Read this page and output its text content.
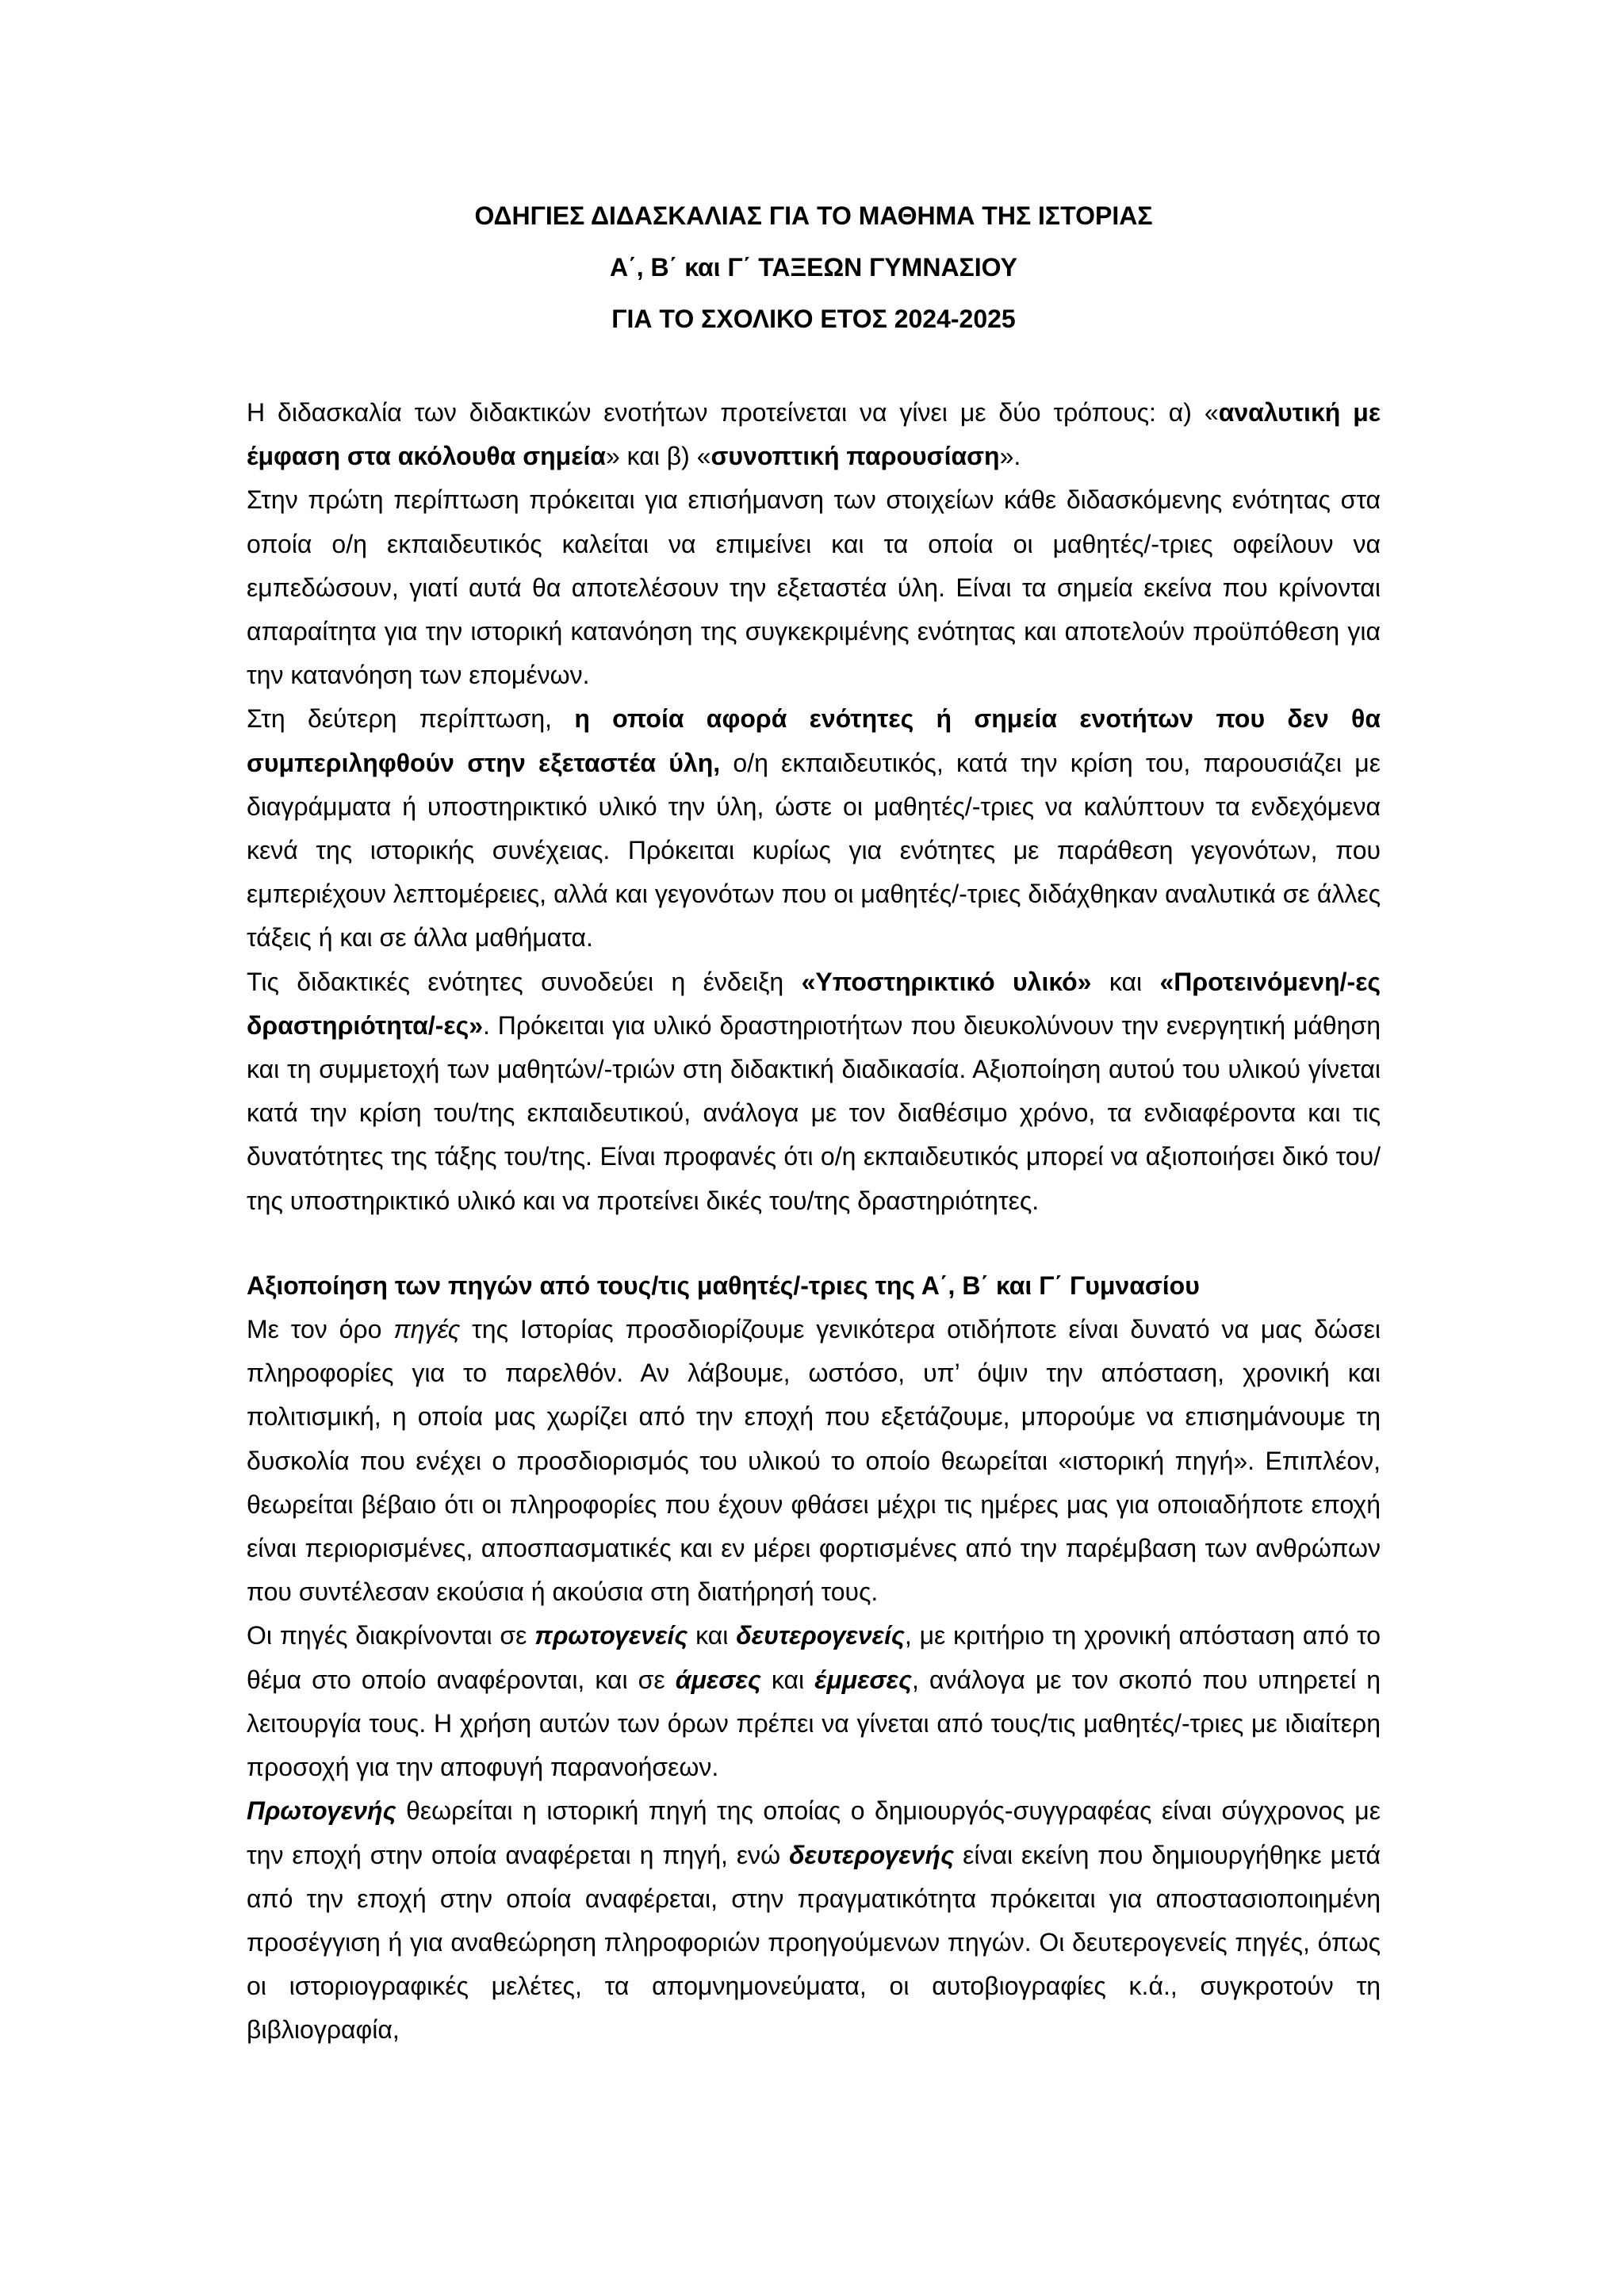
ΟΔΗΓΙΕΣ ΔΙΔΑΣΚΑΛΙΑΣ ΓΙΑ ΤΟ ΜΑΘΗΜΑ ΤΗΣ ΙΣΤΟΡΙΑΣ
Α΄, Β΄ και Γ΄ ΤΑΞΕΩΝ ΓΥΜΝΑΣΙΟΥ
ΓΙΑ ΤΟ ΣΧΟΛΙΚΟ ΕΤΟΣ 2024-2025

Η διδασκαλία των διδακτικών ενοτήτων προτείνεται να γίνει με δύο τρόπους: α) «αναλυτική με έμφαση στα ακόλουθα σημεία» και β) «συνοπτική παρουσίαση».

Στην πρώτη περίπτωση πρόκειται για επισήμανση των στοιχείων κάθε διδασκόμενης ενότητας στα οποία ο/η εκπαιδευτικός καλείται να επιμείνει και τα οποία οι μαθητές/-τριες οφείλουν να εμπεδώσουν, γιατί αυτά θα αποτελέσουν την εξεταστέα ύλη. Είναι τα σημεία εκείνα που κρίνονται απαραίτητα για την ιστορική κατανόηση της συγκεκριμένης ενότητας και αποτελούν προϋπόθεση για την κατανόηση των επομένων.

Στη δεύτερη περίπτωση, η οποία αφορά ενότητες ή σημεία ενοτήτων που δεν θα συμπεριληφθούν στην εξεταστέα ύλη, ο/η εκπαιδευτικός, κατά την κρίση του, παρουσιάζει με διαγράμματα ή υποστηρικτικό υλικό την ύλη, ώστε οι μαθητές/-τριες να καλύπτουν τα ενδεχόμενα κενά της ιστορικής συνέχειας. Πρόκειται κυρίως για ενότητες με παράθεση γεγονότων, που εμπεριέχουν λεπτομέρειες, αλλά και γεγονότων που οι μαθητές/-τριες διδάχθηκαν αναλυτικά σε άλλες τάξεις ή και σε άλλα μαθήματα.

Τις διδακτικές ενότητες συνοδεύει η ένδειξη «Υποστηρικτικό υλικό» και «Προτεινόμενη/-ες δραστηριότητα/-ες». Πρόκειται για υλικό δραστηριοτήτων που διευκολύνουν την ενεργητική μάθηση και τη συμμετοχή των μαθητών/-τριών στη διδακτική διαδικασία. Αξιοποίηση αυτού του υλικού γίνεται κατά την κρίση του/της εκπαιδευτικού, ανάλογα με τον διαθέσιμο χρόνο, τα ενδιαφέροντα και τις δυνατότητες της τάξης του/της. Είναι προφανές ότι ο/η εκπαιδευτικός μπορεί να αξιοποιήσει δικό του/της υποστηρικτικό υλικό και να προτείνει δικές του/της δραστηριότητες.

Αξιοποίηση των πηγών από τους/τις μαθητές/-τριες της Α΄, Β΄ και Γ΄ Γυμνασίου

Με τον όρο πηγές της Ιστορίας προσδιορίζουμε γενικότερα οτιδήποτε είναι δυνατό να μας δώσει πληροφορίες για το παρελθόν. Αν λάβουμε, ωστόσο, υπ’ όψιν την απόσταση, χρονική και πολιτισμική, η οποία μας χωρίζει από την εποχή που εξετάζουμε, μπορούμε να επισημάνουμε τη δυσκολία που ενέχει ο προσδιορισμός του υλικού το οποίο θεωρείται «ιστορική πηγή». Επιπλέον, θεωρείται βέβαιο ότι οι πληροφορίες που έχουν φθάσει μέχρι τις ημέρες μας για οποιαδήποτε εποχή είναι περιορισμένες, αποσπασματικές και εν μέρει φορτισμένες από την παρέμβαση των ανθρώπων που συντέλεσαν εκούσια ή ακούσια στη διατήρησή τους.

Οι πηγές διακρίνονται σε πρωτογενείς και δευτερογενείς, με κριτήριο τη χρονική απόσταση από το θέμα στο οποίο αναφέρονται, και σε άμεσες και έμμεσες, ανάλογα με τον σκοπό που υπηρετεί η λειτουργία τους. Η χρήση αυτών των όρων πρέπει να γίνεται από τους/τις μαθητές/-τριες με ιδιαίτερη προσοχή για την αποφυγή παρανοήσεων.

Πρωτογενής θεωρείται η ιστορική πηγή της οποίας ο δημιουργός-συγγραφέας είναι σύγχρονος με την εποχή στην οποία αναφέρεται η πηγή, ενώ δευτερογενής είναι εκείνη που δημιουργήθηκε μετά από την εποχή στην οποία αναφέρεται, στην πραγματικότητα πρόκειται για αποστασιοποιημένη προσέγγιση ή για αναθεώρηση πληροφοριών προηγούμενων πηγών. Οι δευτερογενείς πηγές, όπως οι ιστοριογραφικές μελέτες, τα απομνημονεύματα, οι αυτοβιογραφίες κ.ά., συγκροτούν τη βιβλιογραφία,
